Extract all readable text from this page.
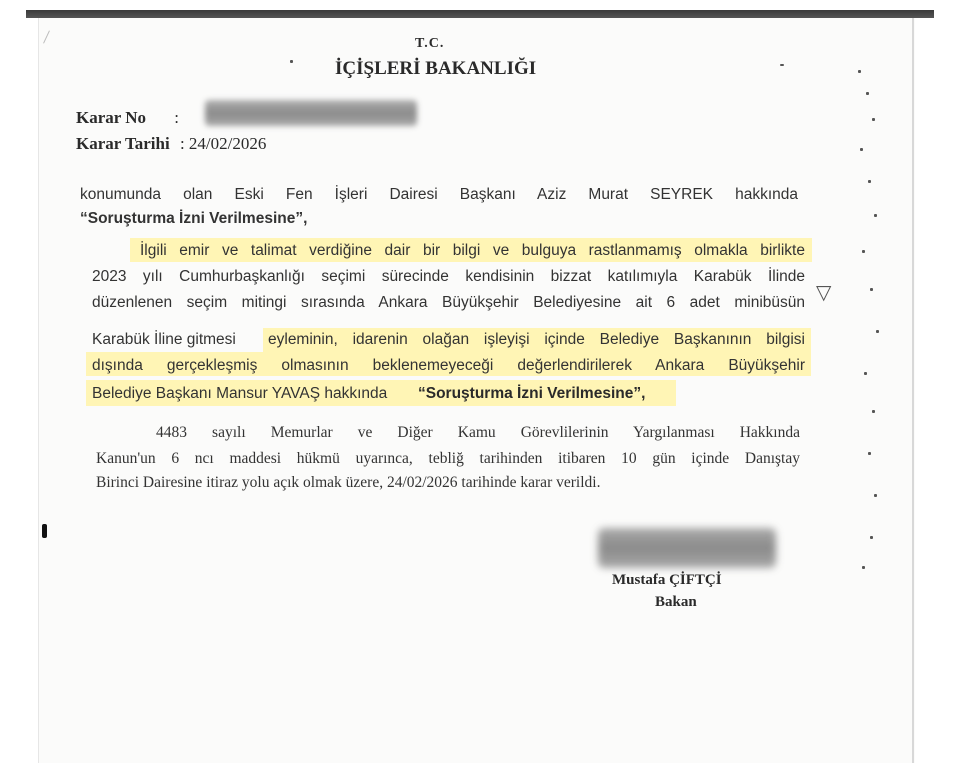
T.C.
İÇİŞLERİ BAKANLIĞI
Karar No :
Karar Tarihi : 24/02/2026
konumunda olan Eski Fen İşleri Dairesi Başkanı Aziz Murat SEYREK hakkında
“Soruşturma İzni Verilmesine”,
İlgili emir ve talimat verdiğine dair bir bilgi ve bulguya rastlanmamış olmakla birlikte
2023 yılı Cumhurbaşkanlığı seçimi sürecinde kendisinin bizzat katılımıyla Karabük İlinde
düzenlenen seçim mitingi sırasında Ankara Büyükşehir Belediyesine ait 6 adet minibüsün
Karabük İline gitmesi eyleminin, idarenin olağan işleyişi içinde Belediye Başkanının bilgisi
dışında gerçekleşmiş olmasının beklenemeyeceği değerlendirilerek Ankara Büyükşehir
Belediye Başkanı Mansur YAVAŞ hakkında “Soruşturma İzni Verilmesine”,
4483 sayılı Memurlar ve Diğer Kamu Görevlilerinin Yargılanması Hakkında
Kanun'un 6 ncı maddesi hükmü uyarınca, tebliğ tarihinden itibaren 10 gün içinde Danıştay
Birinci Dairesine itiraz yolu açık olmak üzere, 24/02/2026 tarihinde karar verildi.
Mustafa ÇİFTÇİ
Bakan
▽
